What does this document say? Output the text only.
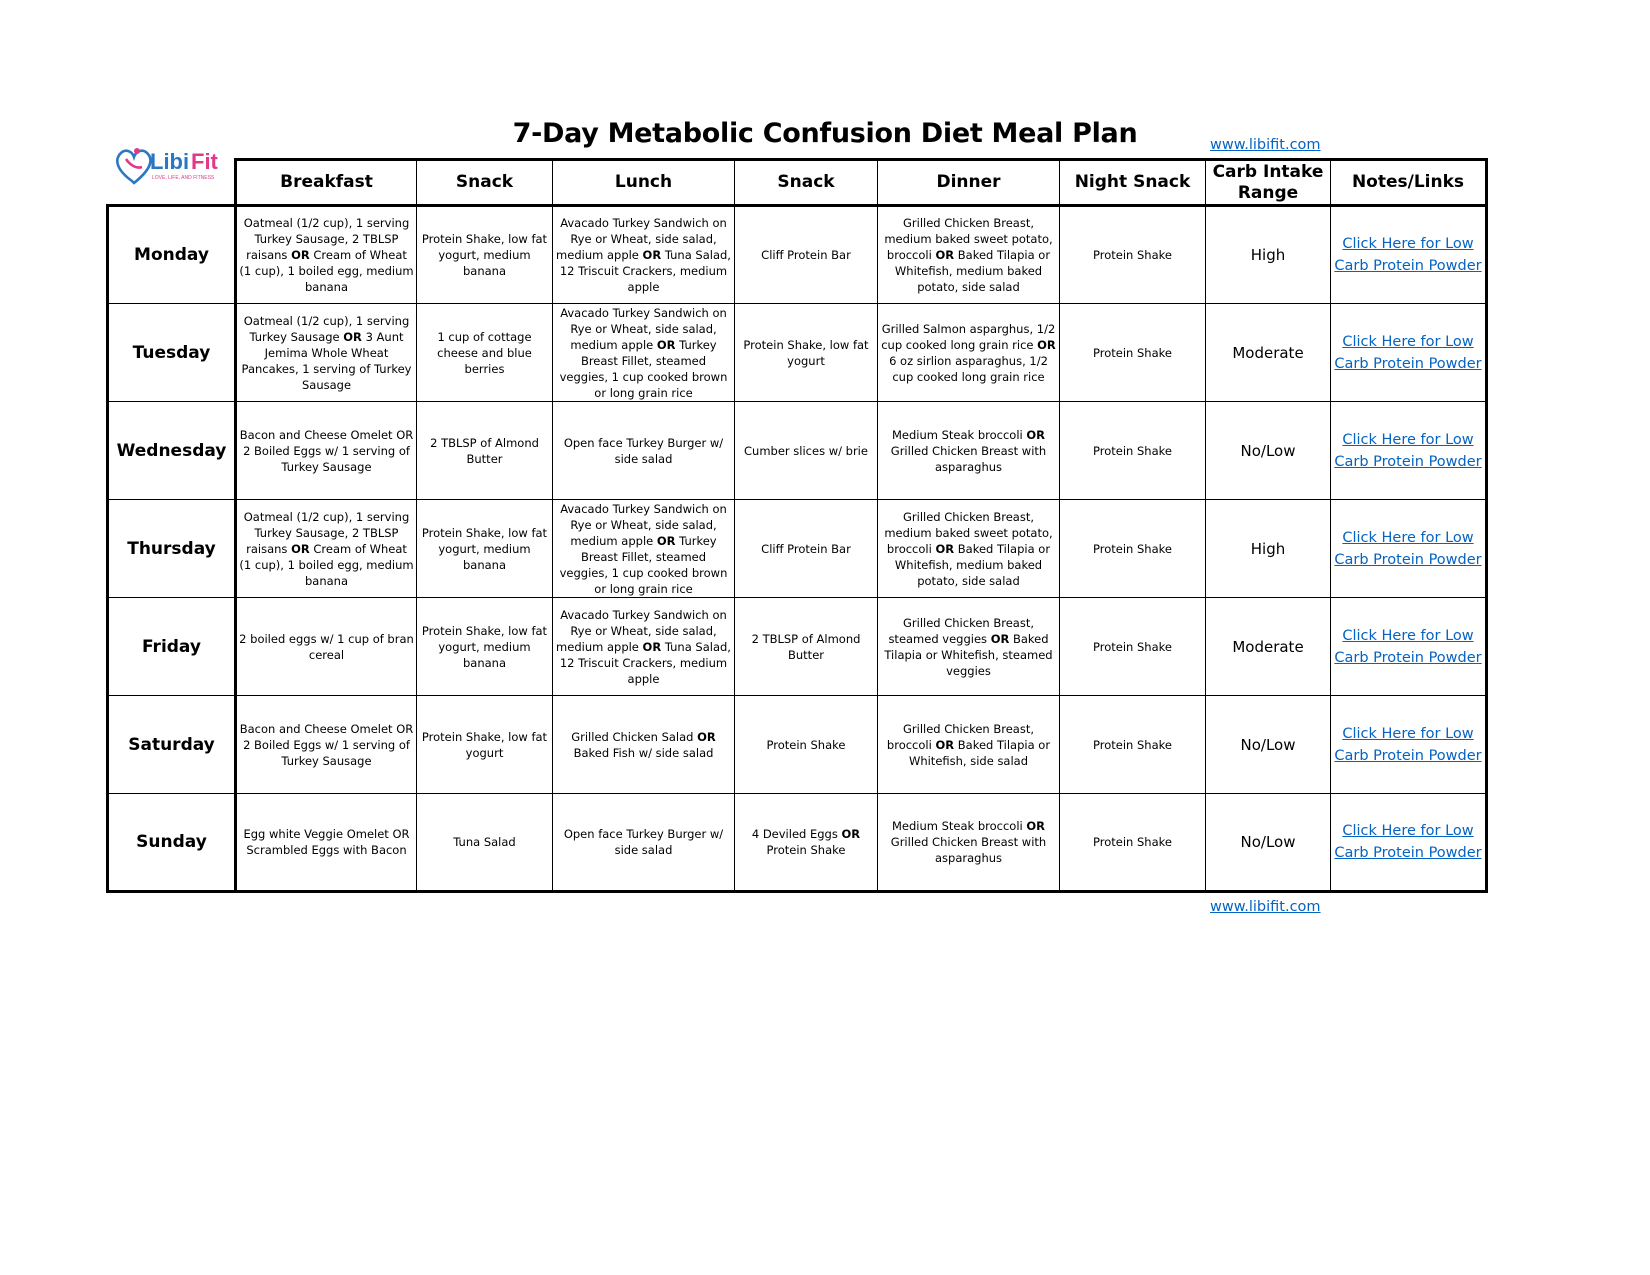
7-Day Metabolic Confusion Diet Meal Plan	www.libifit.com
Libi Fit
LOVE, LIFE, AND FITNESS
		Breakfast	Snack	Lunch	Snack	Dinner	Night Snack	Carb Intake Range	Notes/Links
Monday	Oatmeal (1/2 cup), 1 serving Turkey Sausage, 2 TBLSP raisans OR Cream of Wheat (1 cup), 1 boiled egg, medium banana	Protein Shake, low fat yogurt, medium banana	Avacado Turkey Sandwich on Rye or Wheat, side salad, medium apple OR Tuna Salad, 12 Triscuit Crackers, medium apple	Cliff Protein Bar	Grilled Chicken Breast, medium baked sweet potato, broccoli OR Baked Tilapia or Whitefish, medium baked potato, side salad	Protein Shake	High	Click Here for Low
Carb Protein Powder
Tuesday	Oatmeal (1/2 cup), 1 serving Turkey Sausage OR 3 Aunt Jemima Whole Wheat Pancakes, 1 serving of Turkey Sausage	1 cup of cottage cheese and blue berries	Avacado Turkey Sandwich on Rye or Wheat, side salad, medium apple OR Turkey Breast Fillet, steamed veggies, 1 cup cooked brown or long grain rice	Protein Shake, low fat yogurt	Grilled Salmon asparghus, 1/2 cup cooked long grain rice OR 6 oz sirlion asparaghus, 1/2 cup cooked long grain rice	Protein Shake	Moderate	Click Here for Low
Carb Protein Powder
Wednesday	Bacon and Cheese Omelet OR 2 Boiled Eggs w/ 1 serving of Turkey Sausage	2 TBLSP of Almond Butter	Open face Turkey Burger w/ side salad	Cumber slices w/ brie	Medium Steak broccoli OR Grilled Chicken Breast with asparaghus	Protein Shake	No/Low	Click Here for Low
Carb Protein Powder
Thursday	Oatmeal (1/2 cup), 1 serving Turkey Sausage, 2 TBLSP raisans OR Cream of Wheat (1 cup), 1 boiled egg, medium banana	Protein Shake, low fat yogurt, medium banana	Avacado Turkey Sandwich on Rye or Wheat, side salad, medium apple OR Turkey Breast Fillet, steamed veggies, 1 cup cooked brown or long grain rice	Cliff Protein Bar	Grilled Chicken Breast, medium baked sweet potato, broccoli OR Baked Tilapia or Whitefish, medium baked potato, side salad	Protein Shake	High	Click Here for Low
Carb Protein Powder
Friday	2 boiled eggs w/ 1 cup of bran cereal	Protein Shake, low fat yogurt, medium banana	Avacado Turkey Sandwich on Rye or Wheat, side salad, medium apple OR Tuna Salad, 12 Triscuit Crackers, medium apple	2 TBLSP of Almond Butter	Grilled Chicken Breast, steamed veggies OR Baked Tilapia or Whitefish, steamed veggies	Protein Shake	Moderate	Click Here for Low
Carb Protein Powder
Saturday	Bacon and Cheese Omelet OR 2 Boiled Eggs w/ 1 serving of Turkey Sausage	Protein Shake, low fat yogurt	Grilled Chicken Salad OR Baked Fish w/ side salad	Protein Shake	Grilled Chicken Breast, broccoli OR Baked Tilapia or Whitefish, side salad	Protein Shake	No/Low	Click Here for Low
Carb Protein Powder
Sunday	Egg white Veggie Omelet OR Scrambled Eggs with Bacon	Tuna Salad	Open face Turkey Burger w/ side salad	4 Deviled Eggs OR Protein Shake	Medium Steak broccoli OR Grilled Chicken Breast with asparaghus	Protein Shake	No/Low	Click Here for Low
Carb Protein Powder
www.libifit.com
